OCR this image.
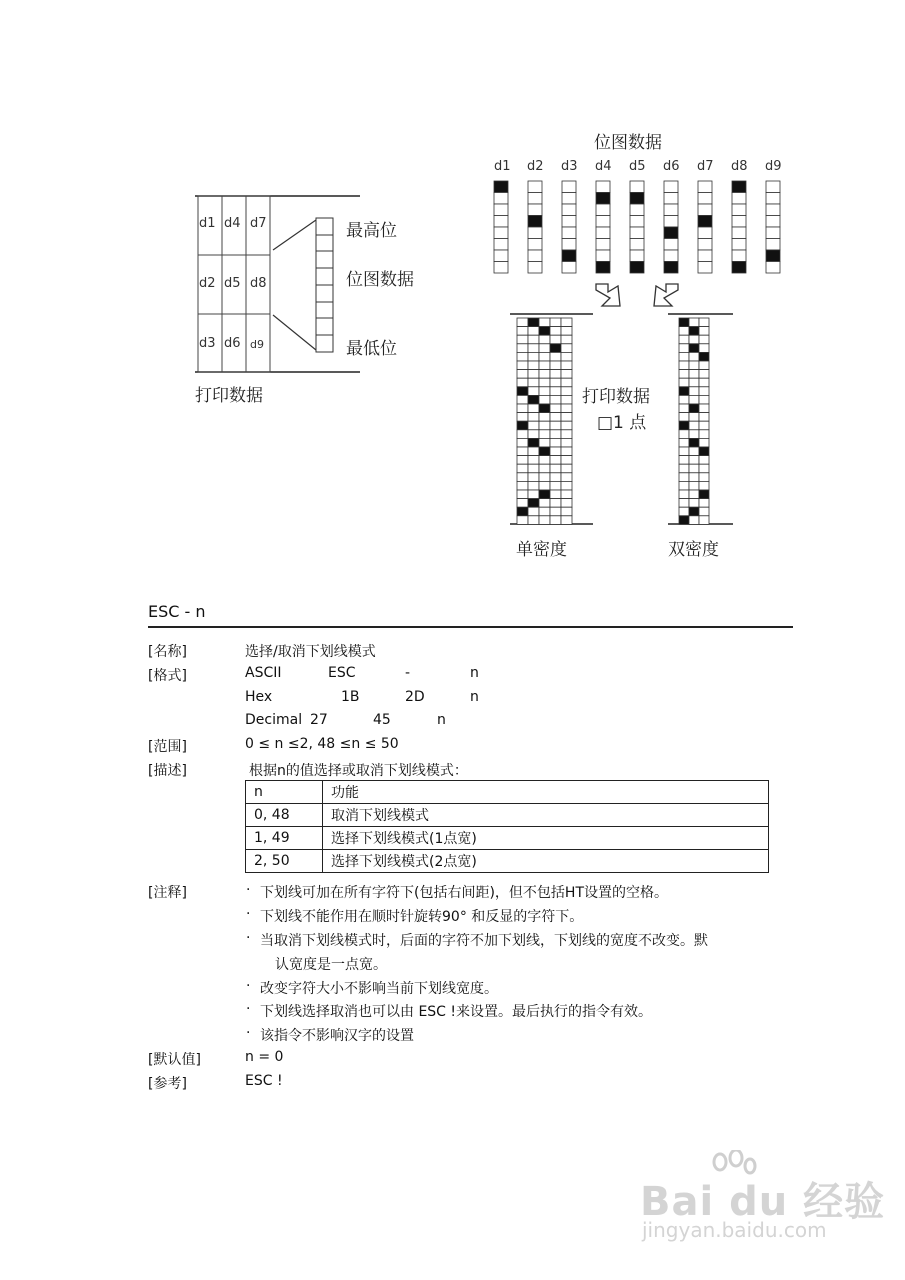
d1 d4 d7
d2 d5 d8
d3 d6 d9
最高位
位图数据
最低位
打印数据
位图数据
d1 d2 d3 d4 d5 d6 d7 d8 d9
打印数据
□1 点
单密度	双密度
ESC - n
[名称]	选择/取消下划线模式
[格式]	ASCII	ESC	-	n
Hex	1B	2D	n
Decimal 27	45	n
[范围]	0 ≤ n ≤2, 48 ≤n ≤ 50
[描述]	根据n的值选择或取消下划线模式：
n	功能
0, 48	取消下划线模式
1, 49	选择下划线模式(1点宽)
2, 50	选择下划线模式(2点宽)
[注释]	· 下划线可加在所有字符下(包括右间距)，但不包括HT设置的空格。
· 下划线不能作用在顺时针旋转90° 和反显的字符下。
· 当取消下划线模式时，后面的字符不加下划线，下划线的宽度不改变。默
认宽度是一点宽。
· 改变字符大小不影响当前下划线宽度。
· 下划线选择取消也可以由 ESC !来设置。最后执行的指令有效。
· 该指令不影响汉字的设置
[默认值]	n = 0
[参考]	ESC !
Bai du 经验
jingyan.baidu.com
